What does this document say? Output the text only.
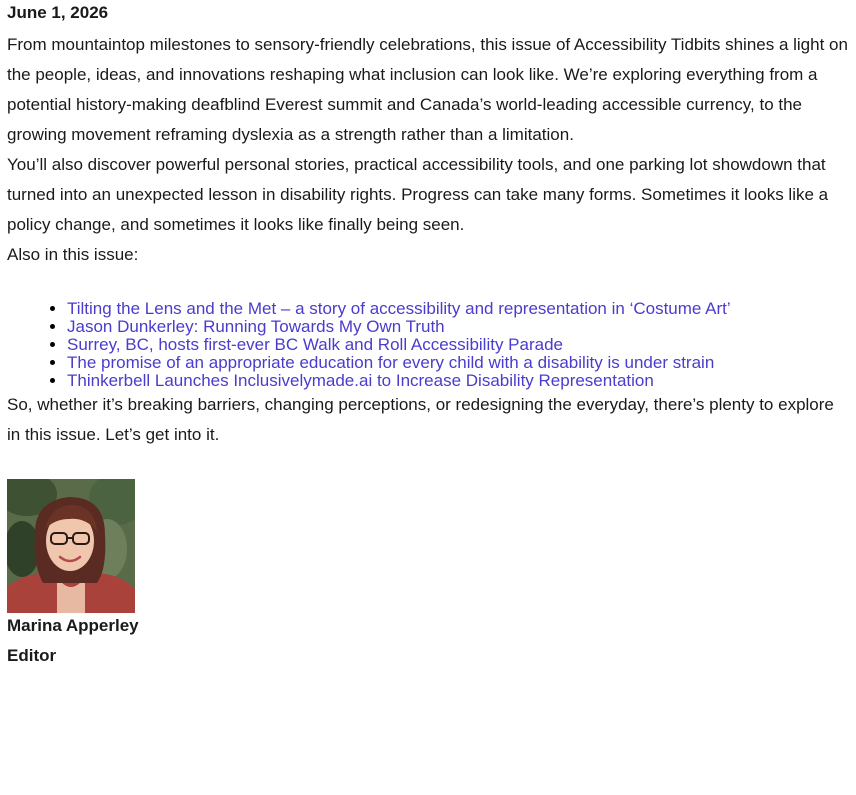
June 1, 2026

From mountaintop milestones to sensory-friendly celebrations, this issue of Accessibility Tidbits shines a light on the people, ideas, and innovations reshaping what inclusion can look like. We’re exploring everything from a potential history-making deafblind Everest summit and Canada’s world-leading accessible currency, to the growing movement reframing dyslexia as a strength rather than a limitation.

You’ll also discover powerful personal stories, practical accessibility tools, and one parking lot showdown that turned into an unexpected lesson in disability rights. Progress can take many forms. Sometimes it looks like a policy change, and sometimes it looks like finally being seen.

Also in this issue:

• Tilting the Lens and the Met – a story of accessibility and representation in ‘Costume Art’
• Jason Dunkerley: Running Towards My Own Truth
• Surrey, BC, hosts first-ever BC Walk and Roll Accessibility Parade
• The promise of an appropriate education for every child with a disability is under strain
• Thinkerbell Launches Inclusivelymade.ai to Increase Disability Representation

So, whether it’s breaking barriers, changing perceptions, or redesigning the everyday, there’s plenty to explore in this issue. Let’s get into it.

Marina Apperley

Editor
